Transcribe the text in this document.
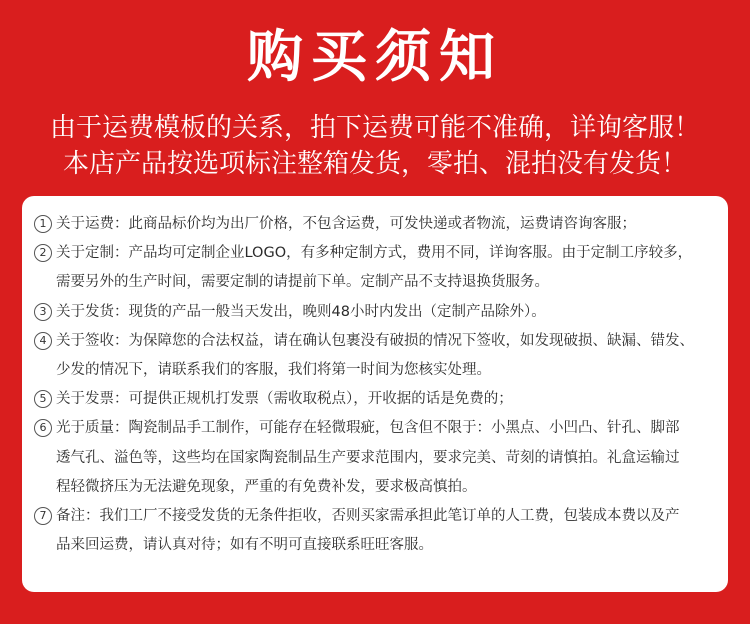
购买须知
由于运费模板的关系，拍下运费可能不准确，详询客服！
本店产品按选项标注整箱发货，零拍、混拍没有发货！
1 关于运费：此商品标价均为出厂价格，不包含运费，可发快递或者物流，运费请咨询客服；
2 关于定制：产品均可定制企业LOGO，有多种定制方式，费用不同，详询客服。由于定制工序较多，
需要另外的生产时间，需要定制的请提前下单。定制产品不支持退换货服务。
3 关于发货：现货的产品一般当天发出，晚则48小时内发出（定制产品除外）。
4 关于签收：为保障您的合法权益，请在确认包裹没有破损的情况下签收，如发现破损、缺漏、错发、
少发的情况下，请联系我们的客服，我们将第一时间为您核实处理。
5 关于发票：可提供正规机打发票（需收取税点），开收据的话是免费的；
6 光于质量：陶瓷制品手工制作，可能存在轻微瑕疵，包含但不限于：小黑点、小凹凸、针孔、脚部
透气孔、溢色等，这些均在国家陶瓷制品生产要求范围内，要求完美、苛刻的请慎拍。礼盒运输过
程轻微挤压为无法避免现象，严重的有免费补发，要求极高慎拍。
7 备注：我们工厂不接受发货的无条件拒收，否则买家需承担此笔订单的人工费，包装成本费以及产
品来回运费，请认真对待；如有不明可直接联系旺旺客服。
